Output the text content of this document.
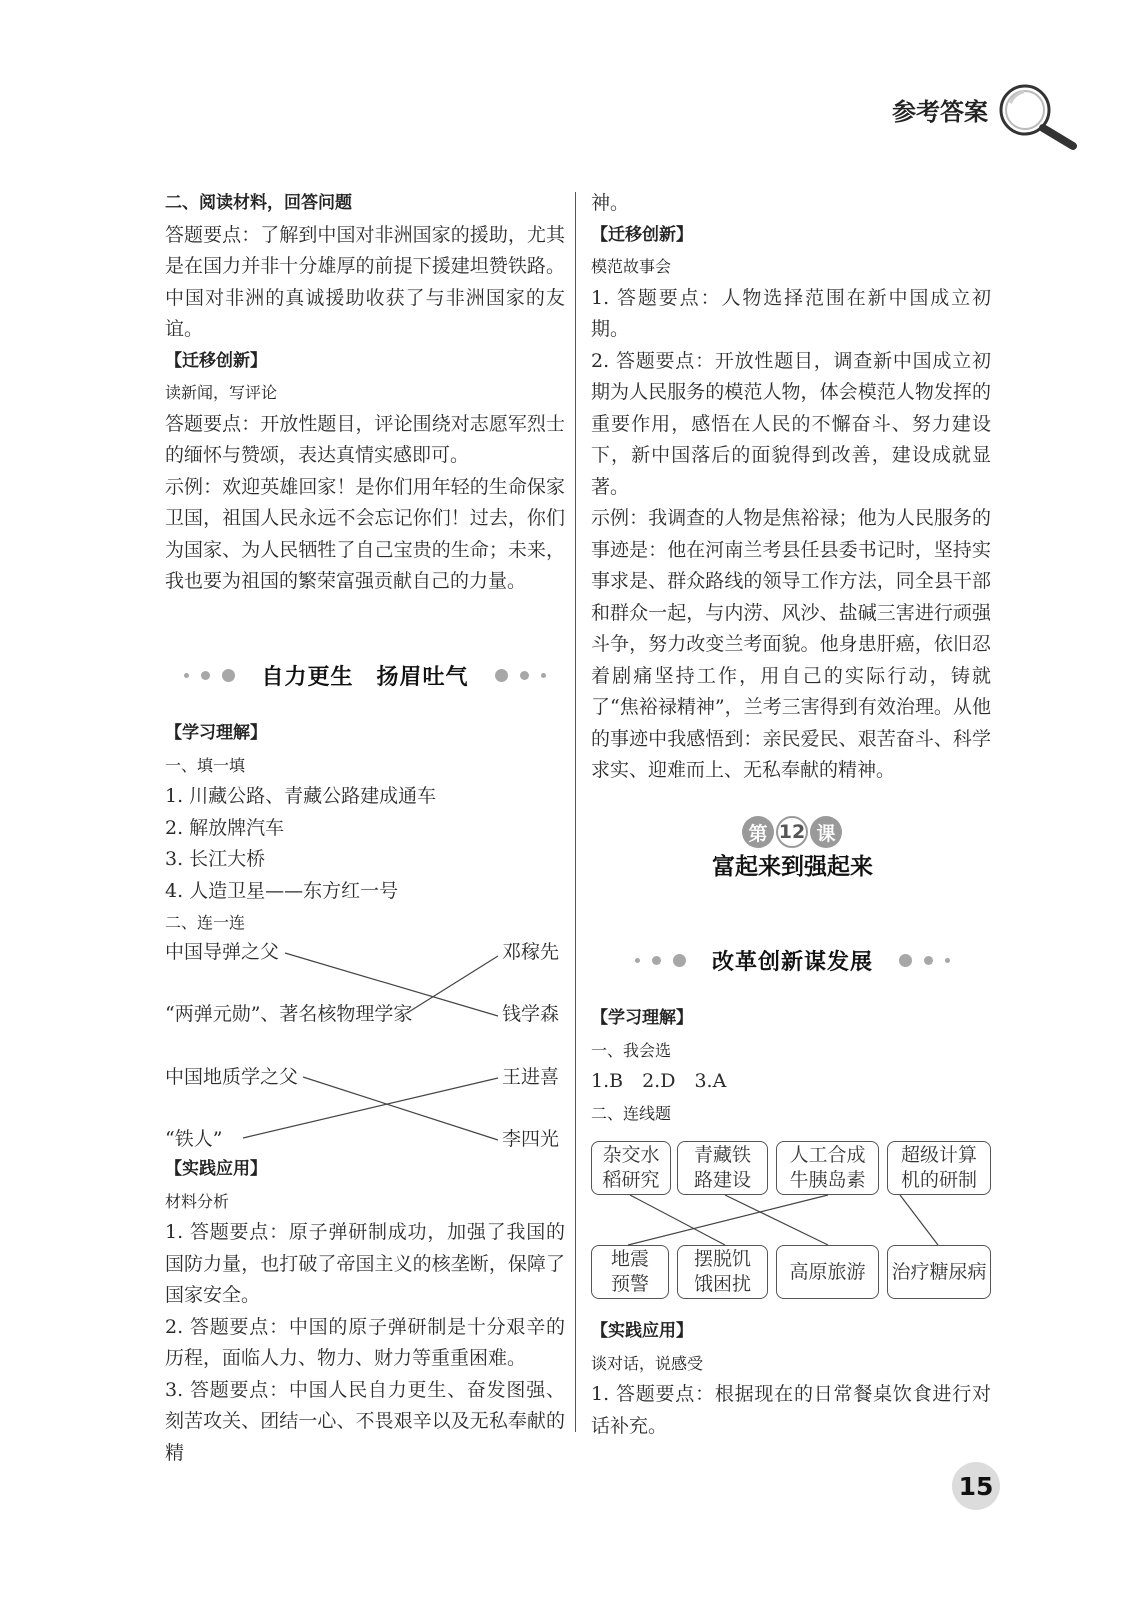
参考答案
二、阅读材料，回答问题

答题要点：了解到中国对非洲国家的援助，尤其是在国力并非十分雄厚的前提下援建坦赞铁路。中国对非洲的真诚援助收获了与非洲国家的友谊。

【迁移创新】
读新闻，写评论

答题要点：开放性题目，评论围绕对志愿军烈士的缅怀与赞颂，表达真情实感即可。

示例：欢迎英雄回家！是你们用年轻的生命保家卫国，祖国人民永远不会忘记你们！过去，你们为国家、为人民牺牲了自己宝贵的生命；未来，我也要为祖国的繁荣富强贡献自己的力量。

自力更生　扬眉吐气
【学习理解】
一、填一填
1. 川藏公路、青藏公路建成通车
2. 解放牌汽车
3. 长江大桥
4. 人造卫星——东方红一号
二、连一连
中国导弹之父
“两弹元勋”、著名核物理学家
中国地质学之父
“铁人”
邓稼先
钱学森
王进喜
李四光
【实践应用】
材料分析

1. 答题要点：原子弹研制成功，加强了我国的国防力量，也打破了帝国主义的核垄断，保障了国家安全。

2. 答题要点：中国的原子弹研制是十分艰辛的历程，面临人力、物力、财力等重重困难。

3. 答题要点：中国人民自力更生、奋发图强、刻苦攻关、团结一心、不畏艰辛以及无私奉献的精

神。

【迁移创新】
模范故事会

1. 答题要点：人物选择范围在新中国成立初期。

2. 答题要点：开放性题目，调查新中国成立初期为人民服务的模范人物，体会模范人物发挥的重要作用，感悟在人民的不懈奋斗、努力建设下，新中国落后的面貌得到改善，建设成就显著。

示例：我调查的人物是焦裕禄；他为人民服务的事迹是：他在河南兰考县任县委书记时，坚持实事求是、群众路线的领导工作方法，同全县干部和群众一起，与内涝、风沙、盐碱三害进行顽强斗争，努力改变兰考面貌。他身患肝癌，依旧忍着剧痛坚持工作，用自己的实际行动，铸就了“焦裕禄精神”，兰考三害得到有效治理。从他的事迹中我感悟到：亲民爱民、艰苦奋斗、科学求实、迎难而上、无私奉献的精神。

第 12 课
富起来到强起来
改革创新谋发展
【学习理解】
一、我会选
1.B　2.D　3.A
二、连线题
杂交水
稻研究
青藏铁
路建设
人工合成
牛胰岛素
超级计算
机的研制
地震
预警
摆脱饥
饿困扰
高原旅游 治疗糖尿病
【实践应用】
谈对话，说感受

1. 答题要点：根据现在的日常餐桌饮食进行对话补充。

15
